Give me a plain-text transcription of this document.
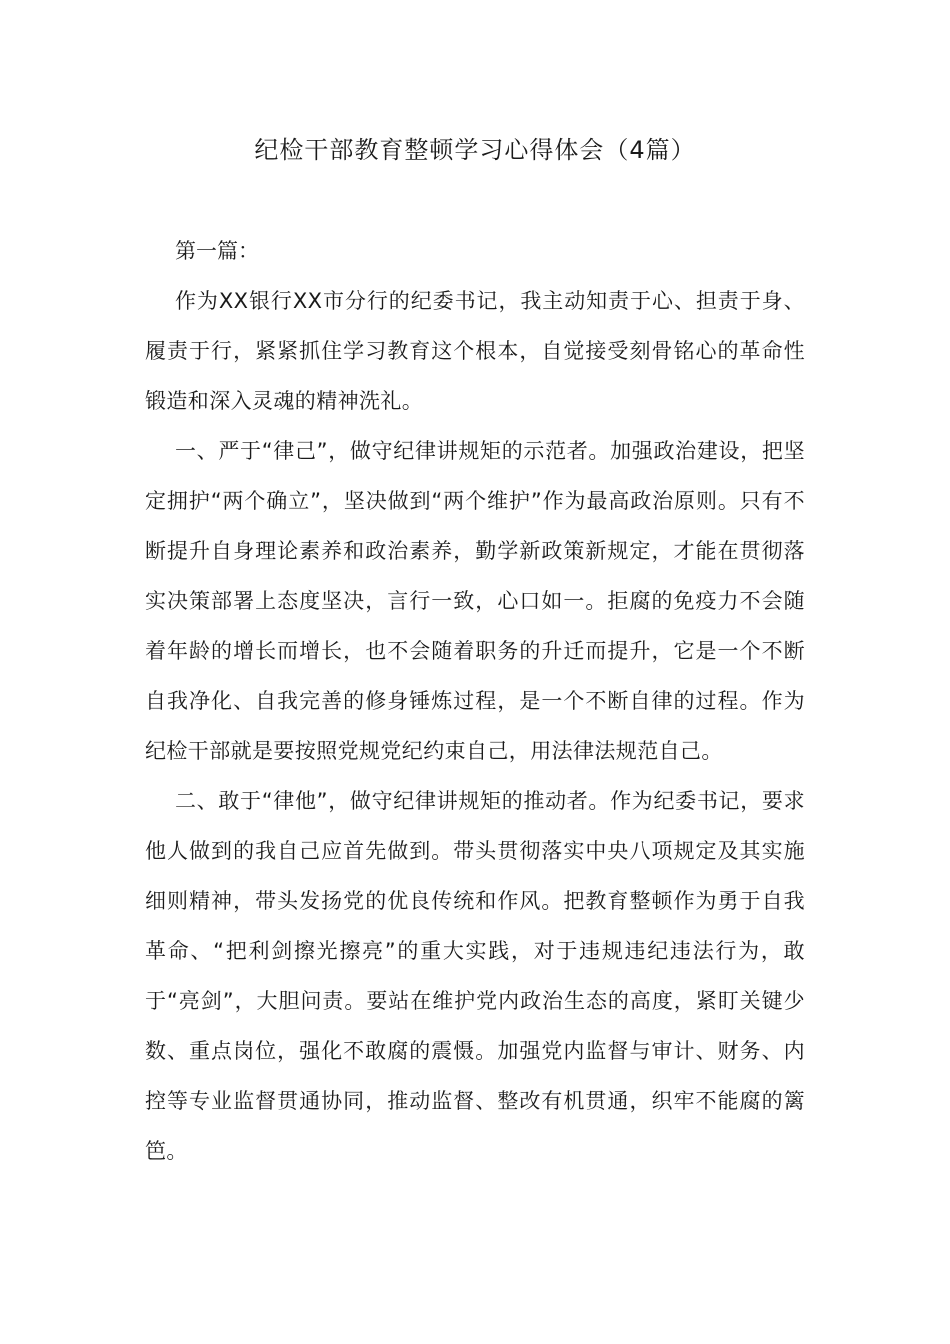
纪检干部教育整顿学习心得体会（4篇）

第一篇：

作为XX银行XX市分行的纪委书记，我主动知责于心、担责于身、履责于行，紧紧抓住学习教育这个根本，自觉接受刻骨铭心的革命性锻造和深入灵魂的精神洗礼。

一、严于“律己”，做守纪律讲规矩的示范者。加强政治建设，把坚定拥护“两个确立”，坚决做到“两个维护”作为最高政治原则。只有不断提升自身理论素养和政治素养，勤学新政策新规定，才能在贯彻落实决策部署上态度坚决，言行一致，心口如一。拒腐的免疫力不会随着年龄的增长而增长，也不会随着职务的升迁而提升，它是一个不断自我净化、自我完善的修身锤炼过程，是一个不断自律的过程。作为纪检干部就是要按照党规党纪约束自己，用法律法规范自己。

二、敢于“律他”，做守纪律讲规矩的推动者。作为纪委书记，要求他人做到的我自己应首先做到。带头贯彻落实中央八项规定及其实施细则精神，带头发扬党的优良传统和作风。把教育整顿作为勇于自我革命、“把利剑擦光擦亮”的重大实践，对于违规违纪违法行为，敢于“亮剑”，大胆问责。要站在维护党内政治生态的高度，紧盯关键少数、重点岗位，强化不敢腐的震慑。加强党内监督与审计、财务、内控等专业监督贯通协同，推动监督、整改有机贯通，织牢不能腐的篱笆。
